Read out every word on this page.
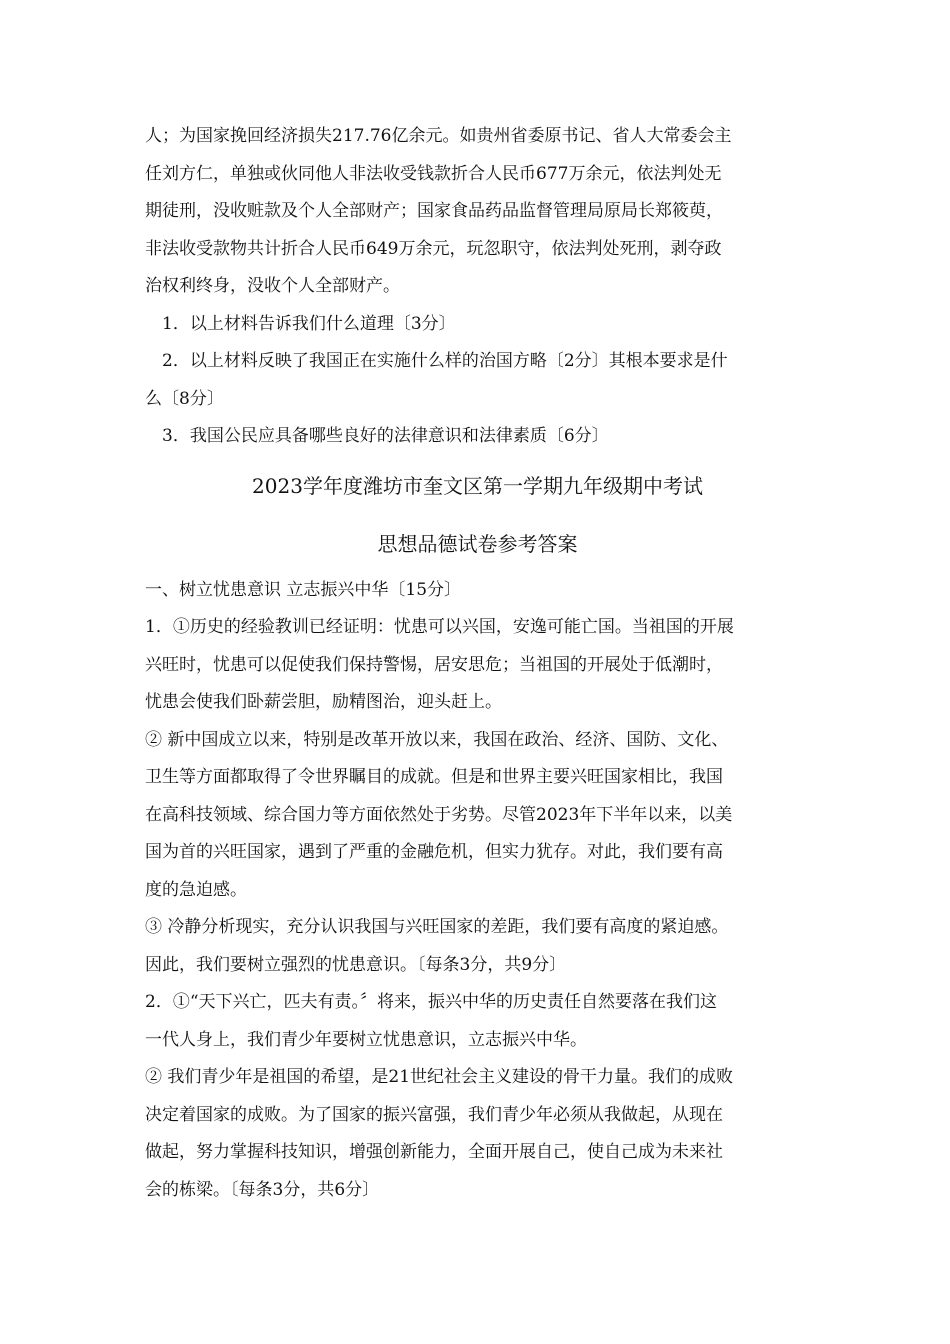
人；为国家挽回经济损失217.76亿余元。如贵州省委原书记、省人大常委会主
任刘方仁，单独或伙同他人非法收受钱款折合人民币677万余元，依法判处无
期徒刑，没收赃款及个人全部财产；国家食品药品监督管理局原局长郑筱萸，
非法收受款物共计折合人民币649万余元，玩忽职守，依法判处死刑，剥夺政
治权利终身，没收个人全部财产。
1．以上材料告诉我们什么道理〔3分〕
2．以上材料反映了我国正在实施什么样的治国方略〔2分〕其根本要求是什
么〔8分〕
3．我国公民应具备哪些良好的法律意识和法律素质〔6分〕
2023学年度潍坊市奎文区第一学期九年级期中考试
思想品德试卷参考答案
一、树立忧患意识 立志振兴中华〔15分〕
1．①历史的经验教训已经证明：忧患可以兴国，安逸可能亡国。当祖国的开展
兴旺时，忧患可以促使我们保持警惕，居安思危；当祖国的开展处于低潮时，
忧患会使我们卧薪尝胆，励精图治，迎头赶上。
② 新中国成立以来，特别是改革开放以来，我国在政治、经济、国防、文化、
卫生等方面都取得了令世界瞩目的成就。但是和世界主要兴旺国家相比，我国
在高科技领域、综合国力等方面依然处于劣势。尽管2023年下半年以来，以美
国为首的兴旺国家，遇到了严重的金融危机，但实力犹存。对此，我们要有高
度的急迫感。
③ 冷静分析现实，充分认识我国与兴旺国家的差距，我们要有高度的紧迫感。
因此，我们要树立强烈的忧患意识。〔每条3分，共9分〕
2．①“天下兴亡，匹夫有责。〞将来，振兴中华的历史责任自然要落在我们这
一代人身上，我们青少年要树立忧患意识，立志振兴中华。
② 我们青少年是祖国的希望，是21世纪社会主义建设的骨干力量。我们的成败
决定着国家的成败。为了国家的振兴富强，我们青少年必须从我做起，从现在
做起，努力掌握科技知识，增强创新能力，全面开展自己，使自己成为未来社
会的栋梁。〔每条3分，共6分〕
